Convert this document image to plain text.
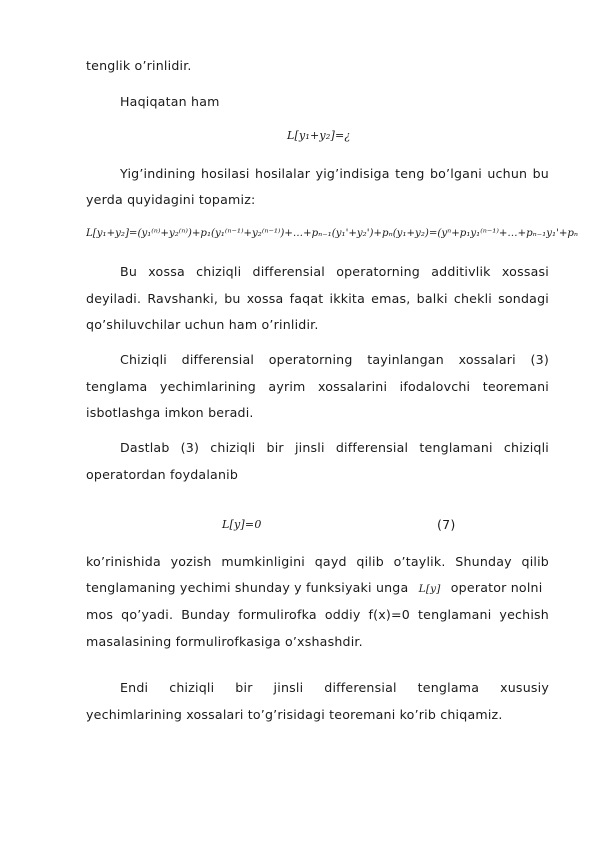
tenglik o’rinlidir.
Haqiqatan ham
L[y₁+y₂]=¿
Yig’indining hosilasi hosilalar yig’indisiga teng bo’lgani uchun bu
yerda quyidagini topamiz:
L[y₁+y₂]=(y₁⁽ⁿ⁾+y₂⁽ⁿ⁾)+p₁(y₁⁽ⁿ⁻¹⁾+y₂⁽ⁿ⁻¹⁾)+…+pₙ₋₁(y₁'+y₂')+pₙ(y₁+y₂)=(yⁿ+p₁y₁⁽ⁿ⁻¹⁾+…+pₙ₋₁y₁'+pₙ
Bu xossa chiziqli differensial operatorning additivlik xossasi
deyiladi. Ravshanki, bu xossa faqat ikkita emas, balki chekli sondagi
qo’shiluvchilar uchun ham o’rinlidir.
Chiziqli differensial operatorning tayinlangan xossalari (3)
tenglama yechimlarining ayrim xossalarini ifodalovchi teoremani
isbotlashga imkon beradi.
Dastlab (3) chiziqli bir jinsli differensial tenglamani chiziqli
operatordan foydalanib
L[y]=0	(7)
ko’rinishida yozish mumkinligini qayd qilib o’taylik. Shunday qilib
tenglamaning yechimi shunday y funksiyaki unga L[y] operator nolni
mos qo’yadi. Bunday formulirofka oddiy f(x)=0 tenglamani yechish
masalasining formulirofkasiga o’xshashdir.
Endi chiziqli bir jinsli differensial tenglama xususiy
yechimlarining xossalari to’g’risidagi teoremani ko’rib chiqamiz.
